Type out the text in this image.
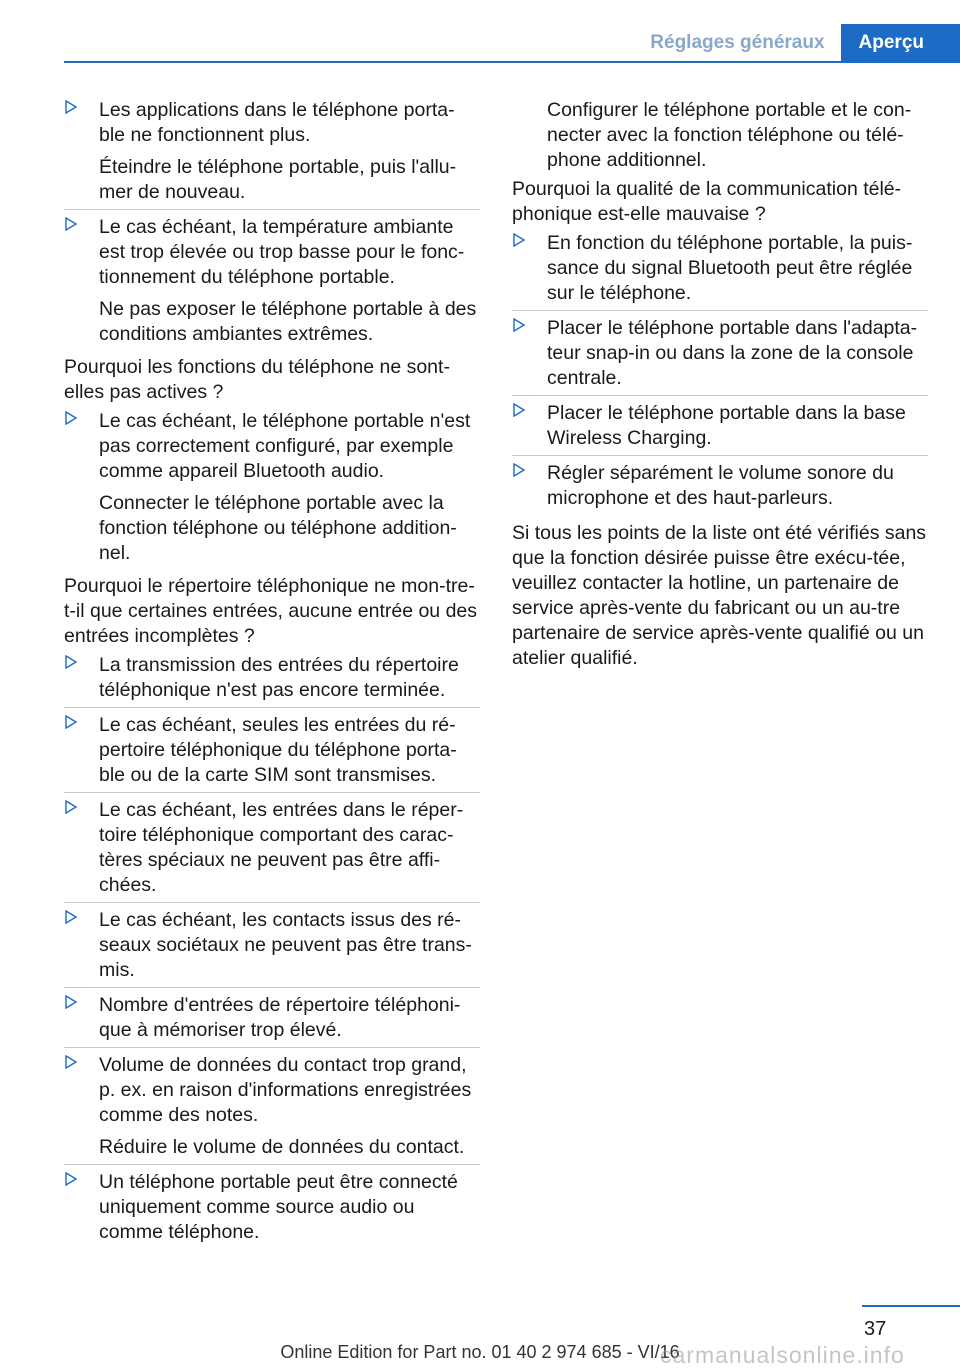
Réglages généraux	Aperçu
Les applications dans le téléphone porta-ble ne fonctionnent plus.
Éteindre le téléphone portable, puis l'allu-mer de nouveau.
Le cas échéant, la température ambiante est trop élevée ou trop basse pour le fonc-tionnement du téléphone portable.
Ne pas exposer le téléphone portable à des conditions ambiantes extrêmes.
Pourquoi les fonctions du téléphone ne sont-elles pas actives ?
Le cas échéant, le téléphone portable n'est pas correctement configuré, par exemple comme appareil Bluetooth audio.
Connecter le téléphone portable avec la fonction téléphone ou téléphone addition-nel.
Pourquoi le répertoire téléphonique ne mon-tre-t-il que certaines entrées, aucune entrée ou des entrées incomplètes ?
La transmission des entrées du répertoire téléphonique n'est pas encore terminée.
Le cas échéant, seules les entrées du ré-pertoire téléphonique du téléphone porta-ble ou de la carte SIM sont transmises.
Le cas échéant, les entrées dans le réper-toire téléphonique comportant des carac-tères spéciaux ne peuvent pas être affi-chées.
Le cas échéant, les contacts issus des ré-seaux sociétaux ne peuvent pas être trans-mis.
Nombre d'entrées de répertoire téléphoni-que à mémoriser trop élevé.
Volume de données du contact trop grand, p. ex. en raison d'informations enregistrées comme des notes.
Réduire le volume de données du contact.
Un téléphone portable peut être connecté uniquement comme source audio ou comme téléphone.
Configurer le téléphone portable et le con-necter avec la fonction téléphone ou télé-phone additionnel.
Pourquoi la qualité de la communication télé-phonique est-elle mauvaise ?
En fonction du téléphone portable, la puis-sance du signal Bluetooth peut être réglée sur le téléphone.
Placer le téléphone portable dans l'adapta-teur snap-in ou dans la zone de la console centrale.
Placer le téléphone portable dans la base Wireless Charging.
Régler séparément le volume sonore du microphone et des haut-parleurs.
Si tous les points de la liste ont été vérifiés sans que la fonction désirée puisse être exécu-tée, veuillez contacter la hotline, un partenaire de service après-vente du fabricant ou un au-tre partenaire de service après-vente qualifié ou un atelier qualifié.
37
Online Edition for Part no. 01 40 2 974 685 - VI/16
carmanualsonline.info
